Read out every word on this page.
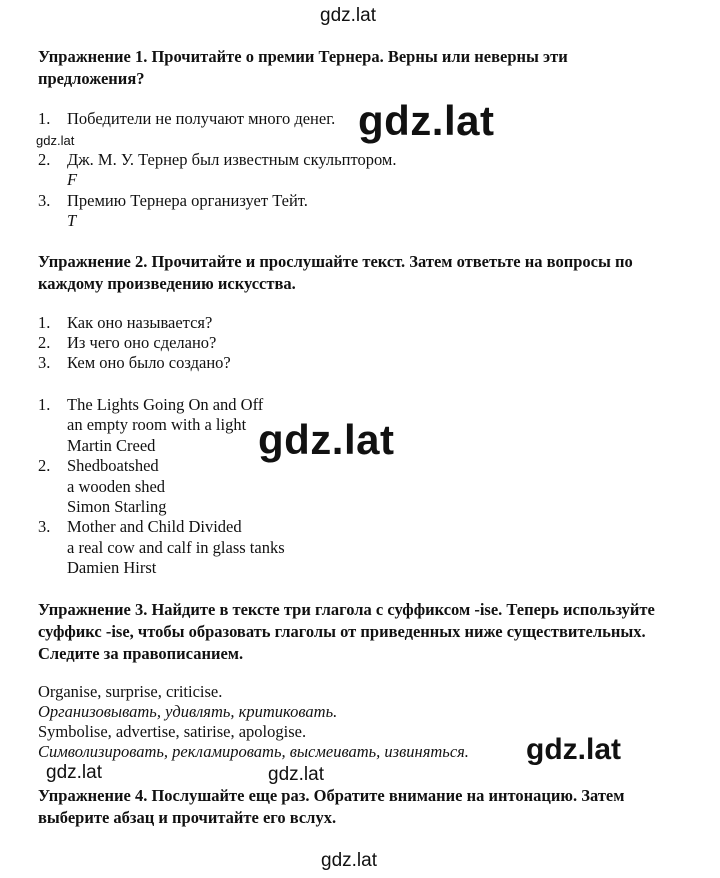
gdz.lat
Упражнение 1. Прочитайте о премии Тернера. Верны или неверны эти предложения?
1. Победители не получают много денег.
gdz.lat
2. Дж. М. У. Тернер был известным скульптором.
F
3. Премию Тернера организует Тейт.
T
gdz.lat
Упражнение 2. Прочитайте и прослушайте текст. Затем ответьте на вопросы по каждому произведению искусства.
1. Как оно называется?
2. Из чего оно сделано?
3. Кем оно было создано?
1. The Lights Going On and Off
an empty room with a light
Martin Creed
2. Shedboatshed
a wooden shed
Simon Starling
3. Mother and Child Divided
a real cow and calf in glass tanks
Damien Hirst
gdz.lat
Упражнение 3. Найдите в тексте три глагола с суффиксом -ise. Теперь используйте суффикс -ise, чтобы образовать глаголы от приведенных ниже существительных. Следите за правописанием.
Organise, surprise, criticise.
Организовывать, удивлять, критиковать.
Symbolise, advertise, satirise, apologise.
Символизировать, рекламировать, высмеивать, извиняться. gdz.lat
gdz.lat	gdz.lat
Упражнение 4. Послушайте еще раз. Обратите внимание на интонацию. Затем выберите абзац и прочитайте его вслух.
gdz.lat
